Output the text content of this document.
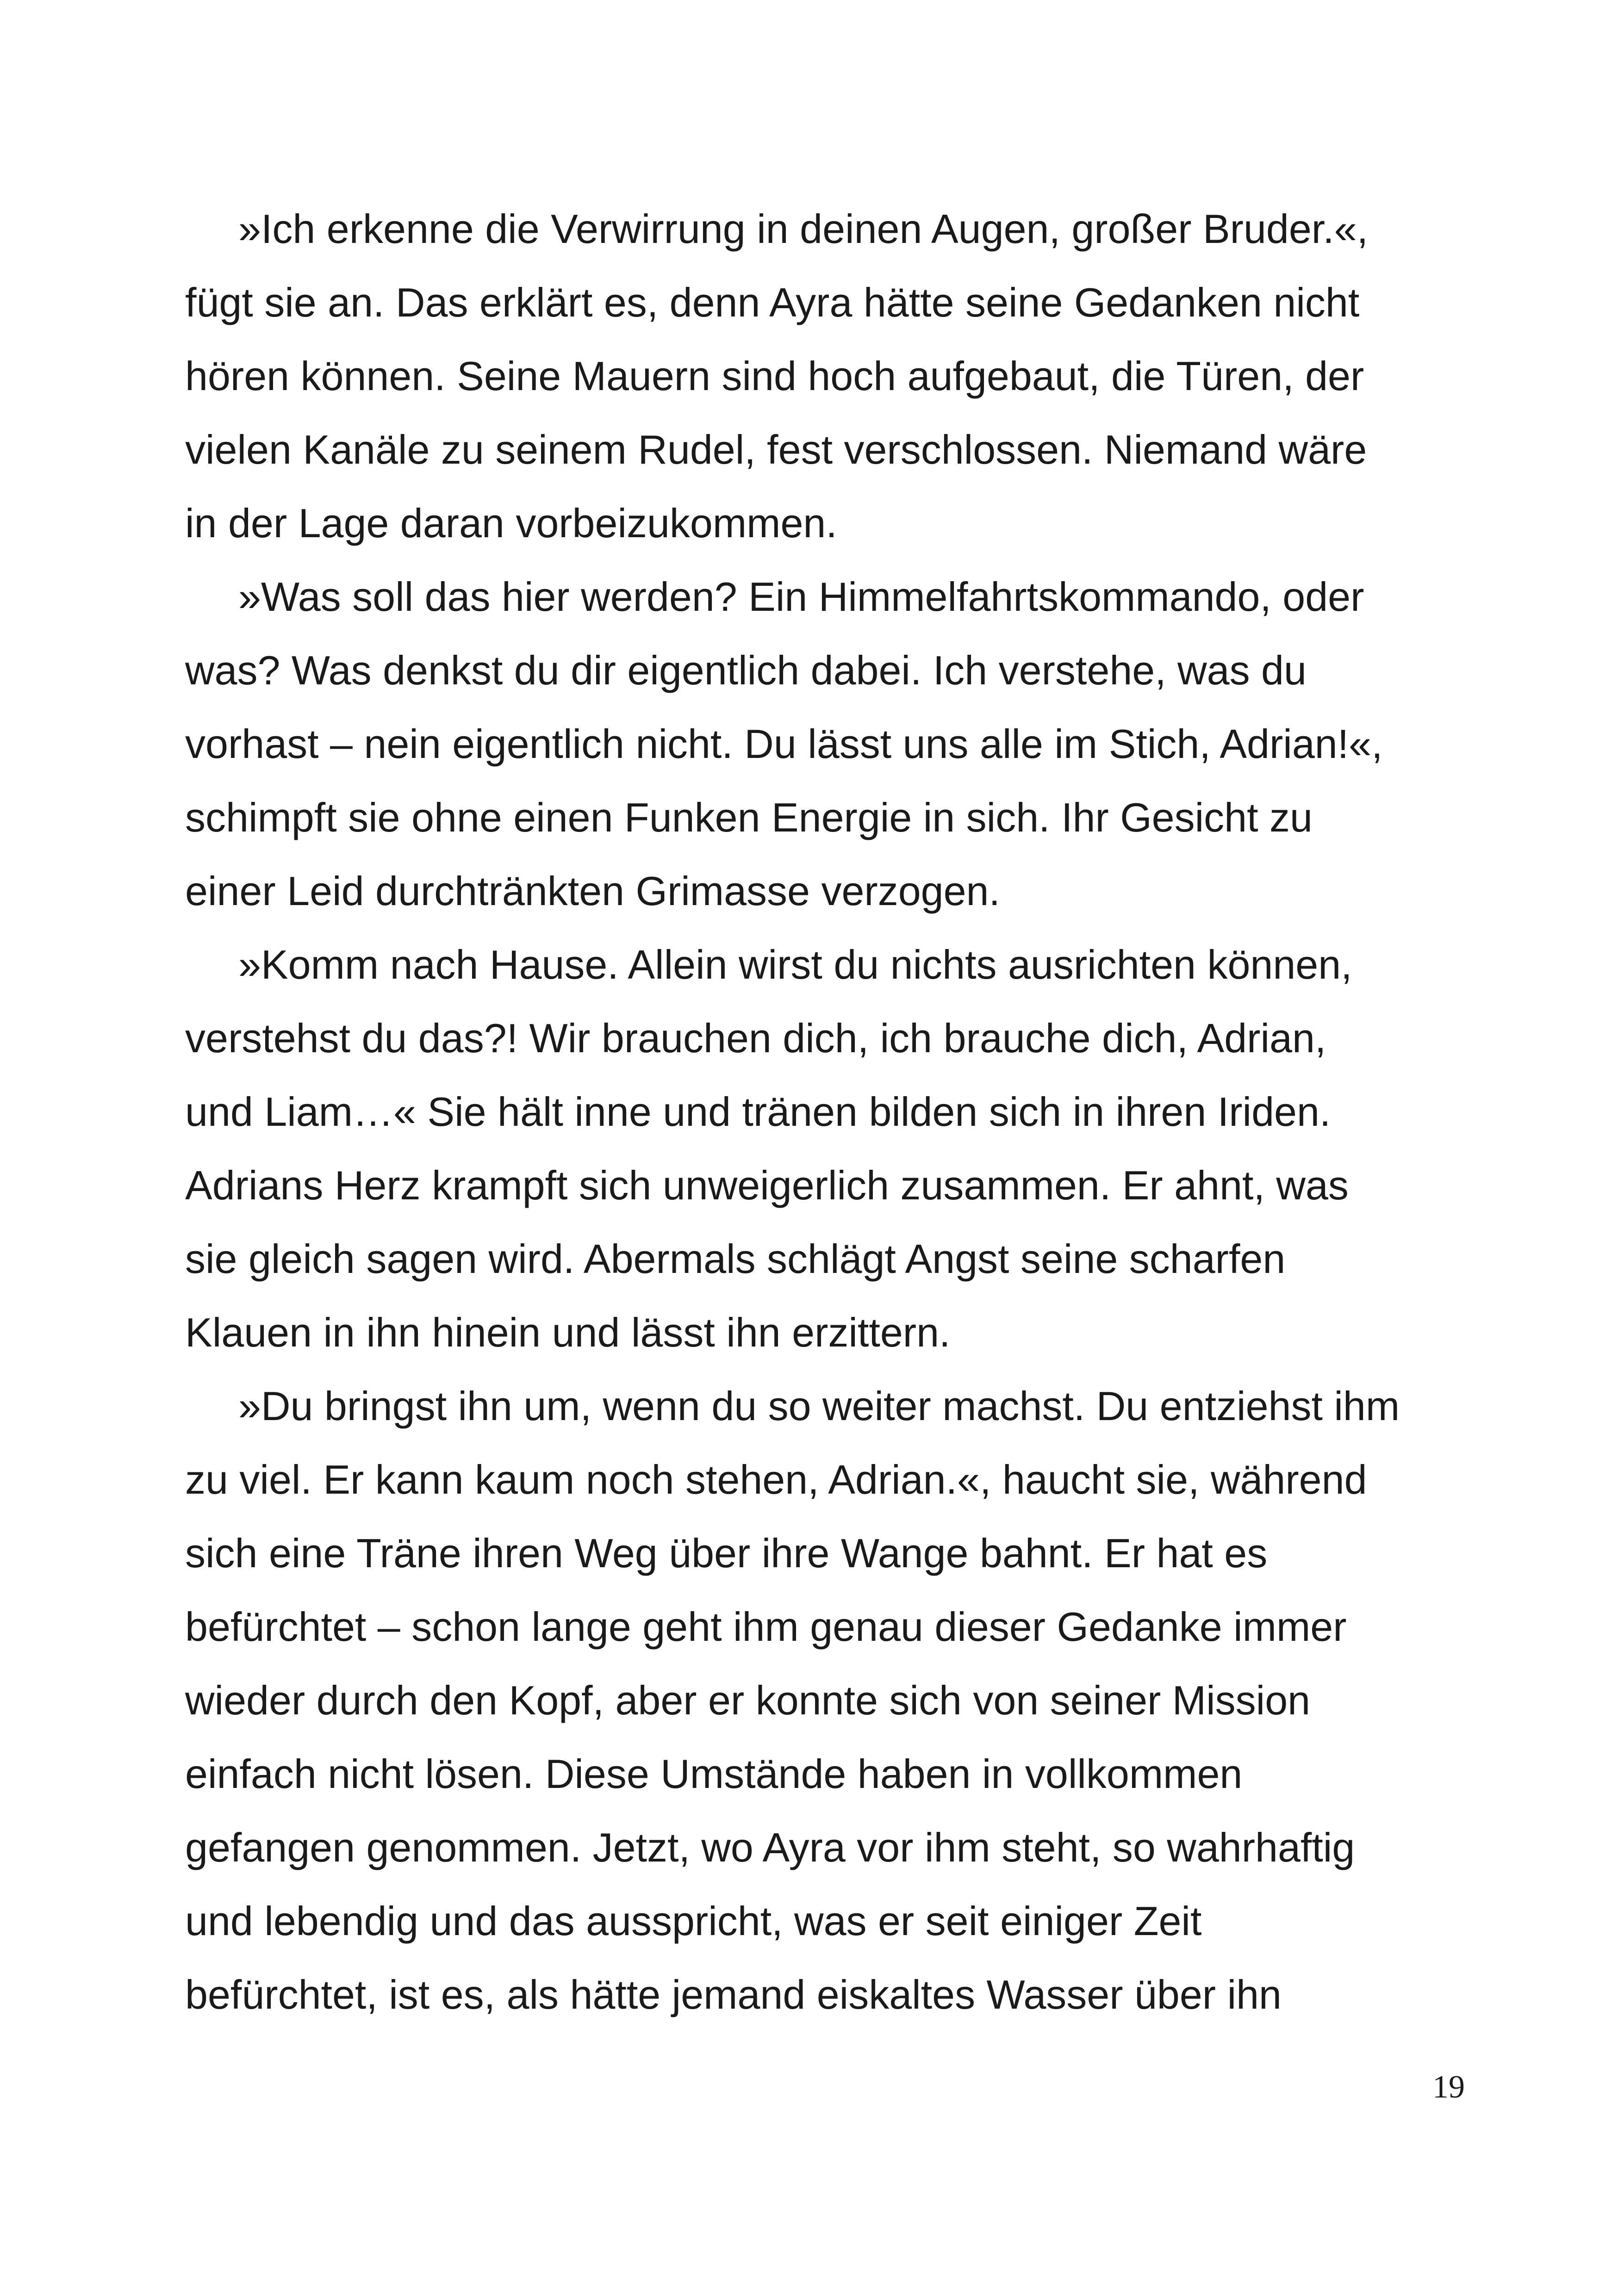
»Ich erkenne die Verwirrung in deinen Augen, großer Bruder.«,
fügt sie an. Das erklärt es, denn Ayra hätte seine Gedanken nicht
hören können. Seine Mauern sind hoch aufgebaut, die Türen, der
vielen Kanäle zu seinem Rudel, fest verschlossen. Niemand wäre
in der Lage daran vorbeizukommen.
»Was soll das hier werden? Ein Himmelfahrtskommando, oder
was? Was denkst du dir eigentlich dabei. Ich verstehe, was du
vorhast – nein eigentlich nicht. Du lässt uns alle im Stich, Adrian!«,
schimpft sie ohne einen Funken Energie in sich. Ihr Gesicht zu
einer Leid durchtränkten Grimasse verzogen.
»Komm nach Hause. Allein wirst du nichts ausrichten können,
verstehst du das?! Wir brauchen dich, ich brauche dich, Adrian,
und Liam…« Sie hält inne und tränen bilden sich in ihren Iriden.
Adrians Herz krampft sich unweigerlich zusammen. Er ahnt, was
sie gleich sagen wird. Abermals schlägt Angst seine scharfen
Klauen in ihn hinein und lässt ihn erzittern.
»Du bringst ihn um, wenn du so weiter machst. Du entziehst ihm
zu viel. Er kann kaum noch stehen, Adrian.«, haucht sie, während
sich eine Träne ihren Weg über ihre Wange bahnt. Er hat es
befürchtet – schon lange geht ihm genau dieser Gedanke immer
wieder durch den Kopf, aber er konnte sich von seiner Mission
einfach nicht lösen. Diese Umstände haben in vollkommen
gefangen genommen. Jetzt, wo Ayra vor ihm steht, so wahrhaftig
und lebendig und das ausspricht, was er seit einiger Zeit
befürchtet, ist es, als hätte jemand eiskaltes Wasser über ihn
19
